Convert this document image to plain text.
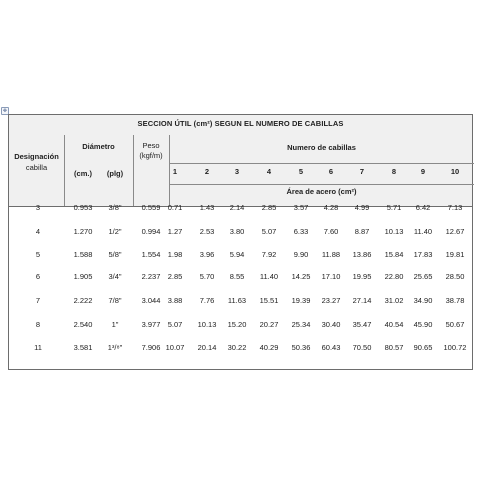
✥
SECCION ÚTIL (cm²) SEGUN EL NUMERO DE CABILLAS
Designación
cabilla
Diámetro
(cm.)	(plg)
Peso
(kgf/m)
Numero de cabillas
Área de acero (cm²)
1	2	3	4	5	6	7	8	9	10
3	0.953	3/8"	0.559 0.71	1.43	2.14	2.85	3.57	4.28	4.99	5.71	6.42	7.13
4	1.270	1/2"	0.994 1.27	2.53	3.80	5.07	6.33	7.60	8.87	10.13	11.40	12.67
5	1.588	5/8"	1.554 1.98	3.96	5.94	7.92	9.90	11.88	13.86	15.84	17.83	19.81
6	1.905	3/4"	2.237 2.85	5.70	8.55	11.40	14.25	17.10	19.95	22.80	25.65	28.50
7	2.222	7/8"	3.044 3.88	7.76	11.63	15.51	19.39	23.27	27.14	31.02	34.90	38.78
8	2.540	1"	3.977 5.07	10.13	15.20	20.27	25.34	30.40	35.47	40.54	45.90	50.67
11	3.581	1³/⁸"	7.906 10.07	20.14	30.22	40.29	50.36	60.43	70.50	80.57	90.65	100.72
